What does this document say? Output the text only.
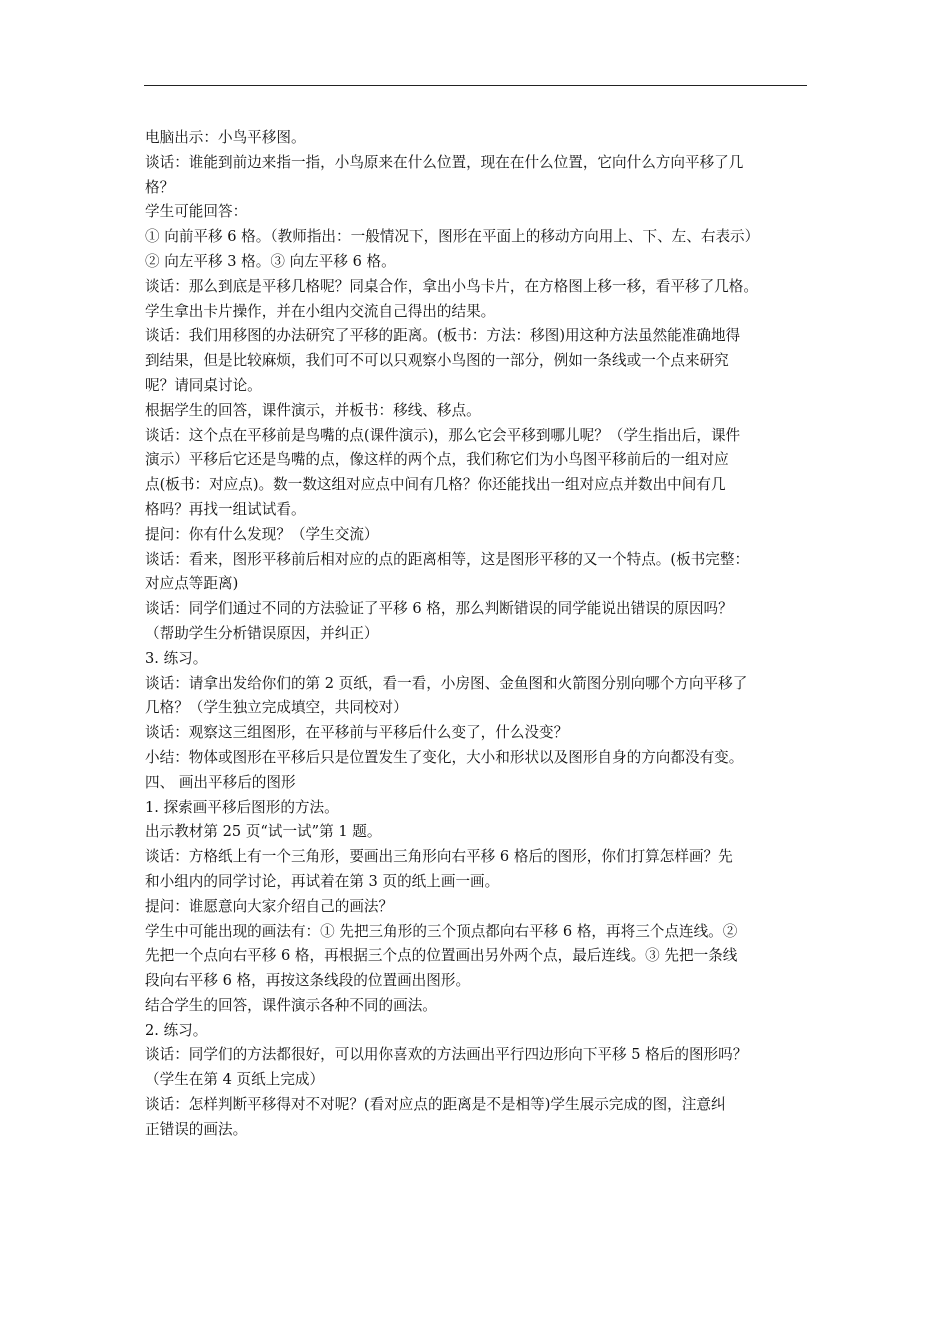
电脑出示：小鸟平移图。

谈话：谁能到前边来指一指，小鸟原来在什么位置，现在在什么位置，它向什么方向平移了几

格？

学生可能回答：

① 向前平移 6 格。（教师指出：一般情况下，图形在平面上的移动方向用上、下、左、右表示）

② 向左平移 3 格。③ 向左平移 6 格。

谈话：那么到底是平移几格呢？同桌合作，拿出小鸟卡片，在方格图上移一移，看平移了几格。

学生拿出卡片操作，并在小组内交流自己得出的结果。

谈话：我们用移图的办法研究了平移的距离。(板书：方法：移图)用这种方法虽然能准确地得

到结果，但是比较麻烦，我们可不可以只观察小鸟图的一部分，例如一条线或一个点来研究

呢？请同桌讨论。

根据学生的回答，课件演示，并板书：移线、移点。

谈话：这个点在平移前是鸟嘴的点(课件演示)，那么它会平移到哪儿呢？（学生指出后，课件

演示）平移后它还是鸟嘴的点，像这样的两个点，我们称它们为小鸟图平移前后的一组对应

点(板书：对应点)。数一数这组对应点中间有几格？你还能找出一组对应点并数出中间有几

格吗？再找一组试试看。

提问：你有什么发现？（学生交流）

谈话：看来，图形平移前后相对应的点的距离相等，这是图形平移的又一个特点。(板书完整：

对应点等距离)

谈话：同学们通过不同的方法验证了平移 6 格，那么判断错误的同学能说出错误的原因吗？

（帮助学生分析错误原因，并纠正）

3. 练习。

谈话：请拿出发给你们的第 2 页纸，看一看，小房图、金鱼图和火箭图分别向哪个方向平移了

几格？（学生独立完成填空，共同校对）

谈话：观察这三组图形，在平移前与平移后什么变了，什么没变？

小结：物体或图形在平移后只是位置发生了变化，大小和形状以及图形自身的方向都没有变。

四、 画出平移后的图形

1. 探索画平移后图形的方法。

出示教材第 25 页“试一试”第 1 题。

谈话：方格纸上有一个三角形，要画出三角形向右平移 6 格后的图形，你们打算怎样画？先

和小组内的同学讨论，再试着在第 3 页的纸上画一画。

提问：谁愿意向大家介绍自己的画法？

学生中可能出现的画法有：① 先把三角形的三个顶点都向右平移 6 格，再将三个点连线。②

先把一个点向右平移 6 格，再根据三个点的位置画出另外两个点，最后连线。③ 先把一条线

段向右平移 6 格，再按这条线段的位置画出图形。

结合学生的回答，课件演示各种不同的画法。

2. 练习。

谈话：同学们的方法都很好，可以用你喜欢的方法画出平行四边形向下平移 5 格后的图形吗？

（学生在第 4 页纸上完成）

谈话：怎样判断平移得对不对呢？(看对应点的距离是不是相等)学生展示完成的图，注意纠

正错误的画法。
